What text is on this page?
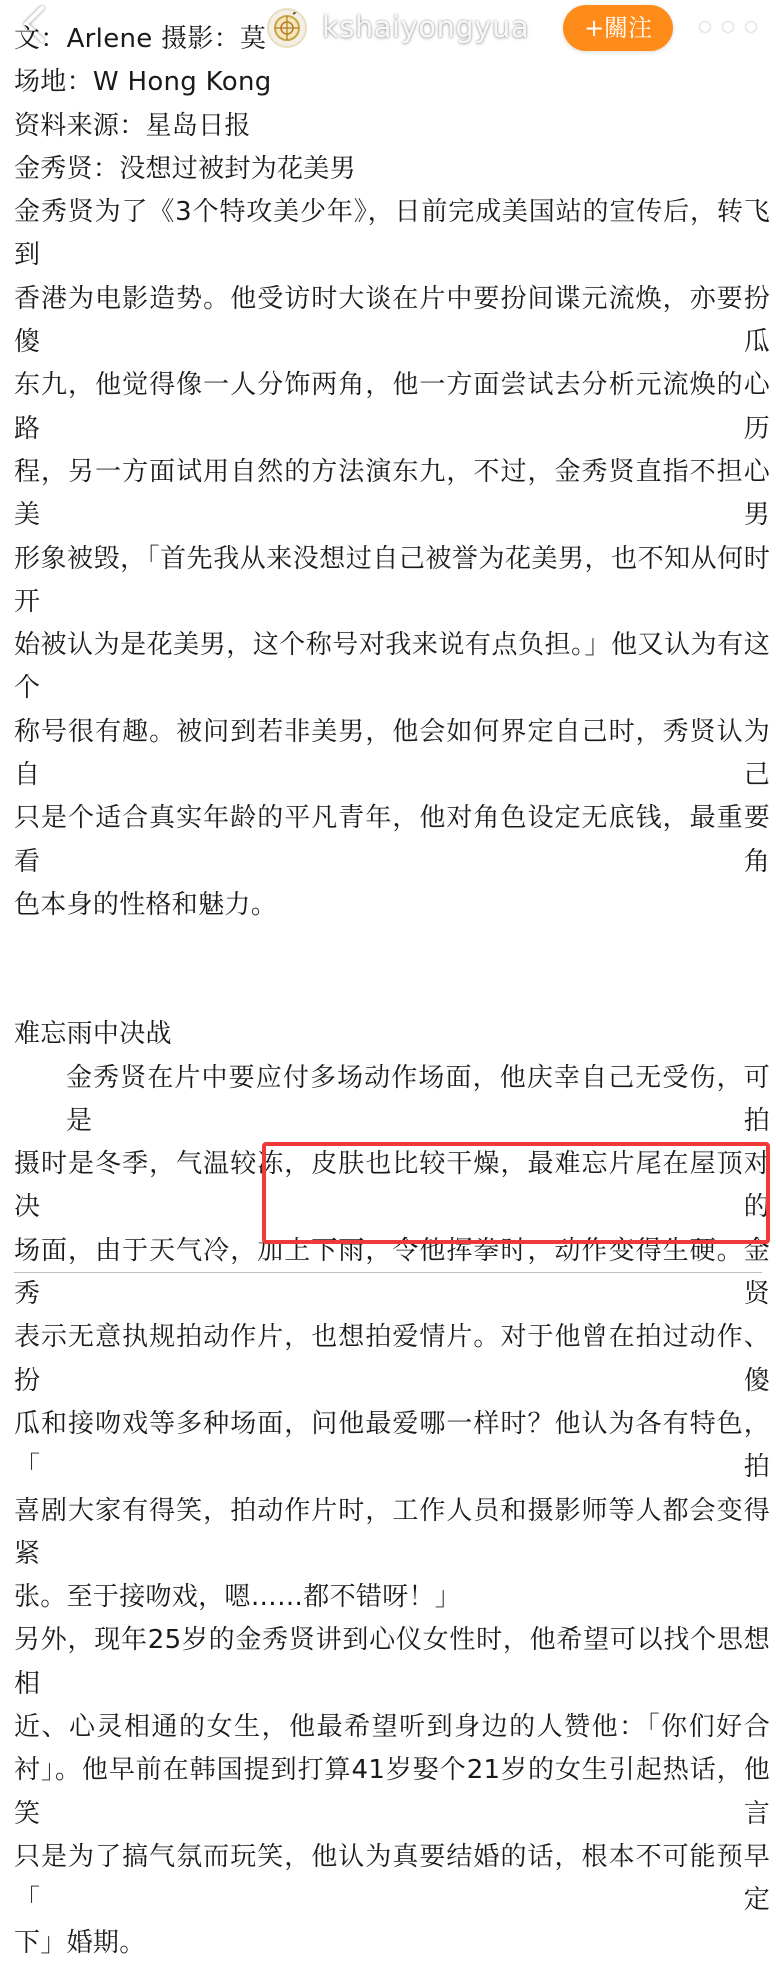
kshaiyongyua	+關注
文：Arlene 摄影：莫
场地：W Hong Kong
资料来源：星岛日报
金秀贤：没想过被封为花美男
金秀贤为了《3个特攻美少年》，日前完成美国站的宣传后，转飞到
香港为电影造势。他受访时大谈在片中要扮间谍元流焕，亦要扮傻瓜
东九，他觉得像一人分饰两角，他一方面尝试去分析元流焕的心路历
程，另一方面试用自然的方法演东九，不过，金秀贤直指不担心美男
形象被毁，「首先我从来没想过自己被誉为花美男，也不知从何时开
始被认为是花美男，这个称号对我来说有点负担。」他又认为有这个
称号很有趣。被问到若非美男，他会如何界定自己时，秀贤认为自己
只是个适合真实年龄的平凡青年，他对角色设定无底钱，最重要看角
色本身的性格和魅力。
难忘雨中决战
金秀贤在片中要应付多场动作场面，他庆幸自己无受伤，可是拍
摄时是冬季，气温较冻，皮肤也比较干燥，最难忘片尾在屋顶对决的
场面，由于天气冷，加上下雨，令他挥拳时，动作变得生硬。金秀贤
表示无意执规拍动作片，也想拍爱情片。对于他曾在拍过动作、扮傻
瓜和接吻戏等多种场面，问他最爱哪一样时？他认为各有特色，「拍
喜剧大家有得笑，拍动作片时，工作人员和摄影师等人都会变得紧
张。至于接吻戏，嗯……都不错呀！」
另外，现年25岁的金秀贤讲到心仪女性时，他希望可以找个思想相
近、心灵相通的女生，他最希望听到身边的人赞他：「你们好合
衬」。他早前在韩国提到打算41岁娶个21岁的女生引起热话，他笑言
只是为了搞气氛而玩笑，他认为真要结婚的话，根本不可能预早「定
下」婚期。
